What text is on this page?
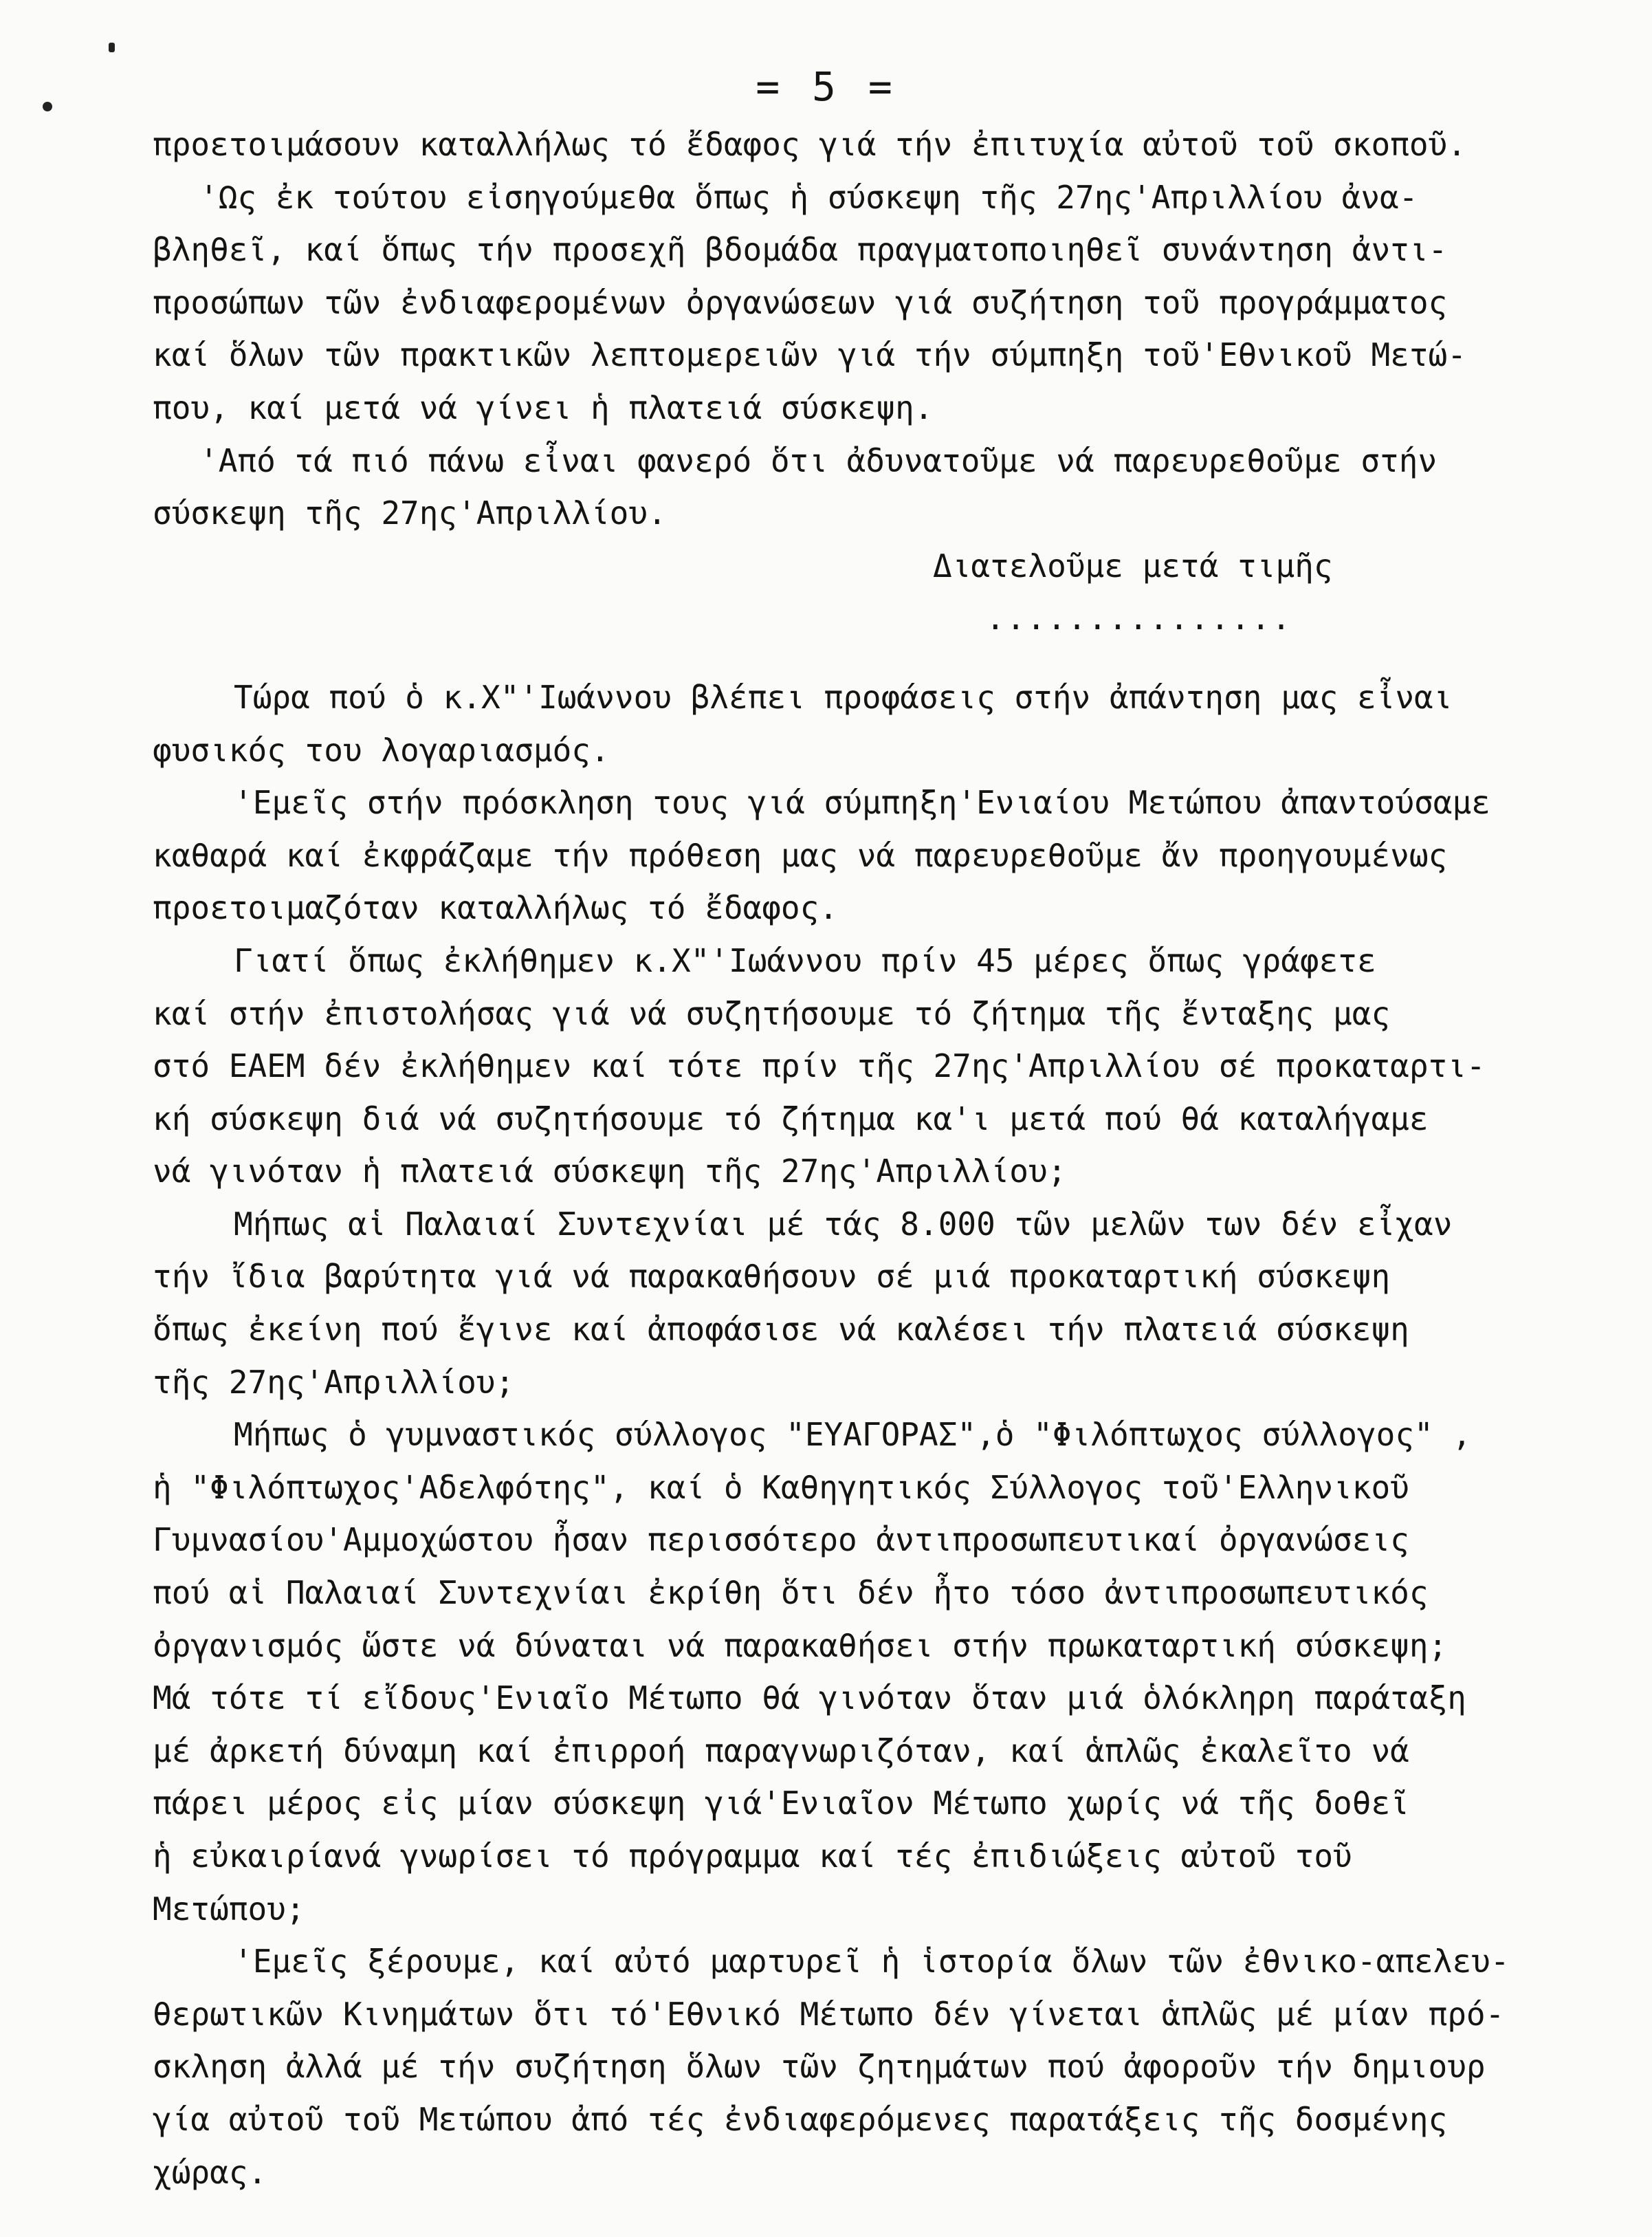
= 5 =

προετοιμάσουν καταλλήλως τό ἔδαφος γιά τήν ἐπιτυχία αὐτοῦ τοῦ σκοποῦ.

'Ως ἐκ τούτου εἰσηγούμεθα ὅπως ἡ σύσκεψη τῆς 27ης'Απριλλίου ἀνα-

βληθεῖ, καί ὅπως τήν προσεχῆ βδομάδα πραγματοποιηθεῖ συνάντηση ἀντι-

προσώπων τῶν ἐνδιαφερομένων ὀργανώσεων γιά συζήτηση τοῦ προγράμματος

καί ὅλων τῶν πρακτικῶν λεπτομερειῶν γιά τήν σύμπηξη τοῦ'Εθνικοῦ Μετώ-

που, καί μετά νά γίνει ἡ πλατειά σύσκεψη.

'Από τά πιό πάνω εἶναι φανερό ὅτι ἀδυνατοῦμε νά παρευρεθοῦμε στήν

σύσκεψη τῆς 27ης'Απριλλίου.

Διατελοῦμε μετά τιμῆς

...............

Τώρα πού ὁ κ.Χ"'Ιωάννου βλέπει προφάσεις στήν ἀπάντηση μας εἶναι

φυσικός του λογαριασμός.

'Εμεῖς στήν πρόσκληση τους γιά σύμπηξη'Ενιαίου Μετώπου ἀπαντούσαμε

καθαρά καί ἐκφράζαμε τήν πρόθεση μας νά παρευρεθοῦμε ἄν προηγουμένως

προετοιμαζόταν καταλλήλως τό ἔδαφος.

Γιατί ὅπως ἐκλήθημεν κ.Χ"'Ιωάννου πρίν 45 μέρες ὅπως γράφετε

καί στήν ἐπιστολήσας γιά νά συζητήσουμε τό ζήτημα τῆς ἔνταξης μας

στό ΕΑΕΜ δέν ἐκλήθημεν καί τότε πρίν τῆς 27ης'Απριλλίου σέ προκαταρτι-

κή σύσκεψη διά νά συζητήσουμε τό ζήτημα κα'ι μετά πού θά καταλήγαμε

νά γινόταν ἡ πλατειά σύσκεψη τῆς 27ης'Απριλλίου;

Μήπως αἱ Παλαιαί Συντεχνίαι μέ τάς 8.000 τῶν μελῶν των δέν εἶχαν

τήν ἴδια βαρύτητα γιά νά παρακαθήσουν σέ μιά προκαταρτική σύσκεψη

ὅπως ἐκείνη πού ἔγινε καί ἀποφάσισε νά καλέσει τήν πλατειά σύσκεψη

τῆς 27ης'Απριλλίου;

Μήπως ὁ γυμναστικός σύλλογος "ΕΥΑΓΟΡΑΣ",ὁ "Φιλόπτωχος σύλλογος" ,

ἡ "Φιλόπτωχος'Αδελφότης", καί ὁ Καθηγητικός Σύλλογος τοῦ'Ελληνικοῦ

Γυμνασίου'Αμμοχώστου ἦσαν περισσότερο ἀντιπροσωπευτικαί ὀργανώσεις

πού αἱ Παλαιαί Συντεχνίαι ἐκρίθη ὅτι δέν ἦτο τόσο ἀντιπροσωπευτικός

ὀργανισμός ὥστε νά δύναται νά παρακαθήσει στήν πρωκαταρτική σύσκεψη;

Μά τότε τί εἴδους'Ενιαῖο Μέτωπο θά γινόταν ὅταν μιά ὁλόκληρη παράταξη

μέ ἀρκετή δύναμη καί ἐπιρροή παραγνωριζόταν, καί ἁπλῶς ἐκαλεῖτο νά

πάρει μέρος εἰς μίαν σύσκεψη γιά'Ενιαῖον Μέτωπο χωρίς νά τῆς δοθεῖ

ἡ εὐκαιρίανά γνωρίσει τό πρόγραμμα καί τές ἐπιδιώξεις αὐτοῦ τοῦ

Μετώπου;

'Εμεῖς ξέρουμε, καί αὐτό μαρτυρεῖ ἡ ἱστορία ὅλων τῶν ἐθνικο-απελευ-

θερωτικῶν Κινημάτων ὅτι τό'Εθνικό Μέτωπο δέν γίνεται ἁπλῶς μέ μίαν πρό-

σκληση ἀλλά μέ τήν συζήτηση ὅλων τῶν ζητημάτων πού ἀφοροῦν τήν δημιουρ

γία αὐτοῦ τοῦ Μετώπου ἀπό τές ἐνδιαφερόμενες παρατάξεις τῆς δοσμένης

χώρας.
